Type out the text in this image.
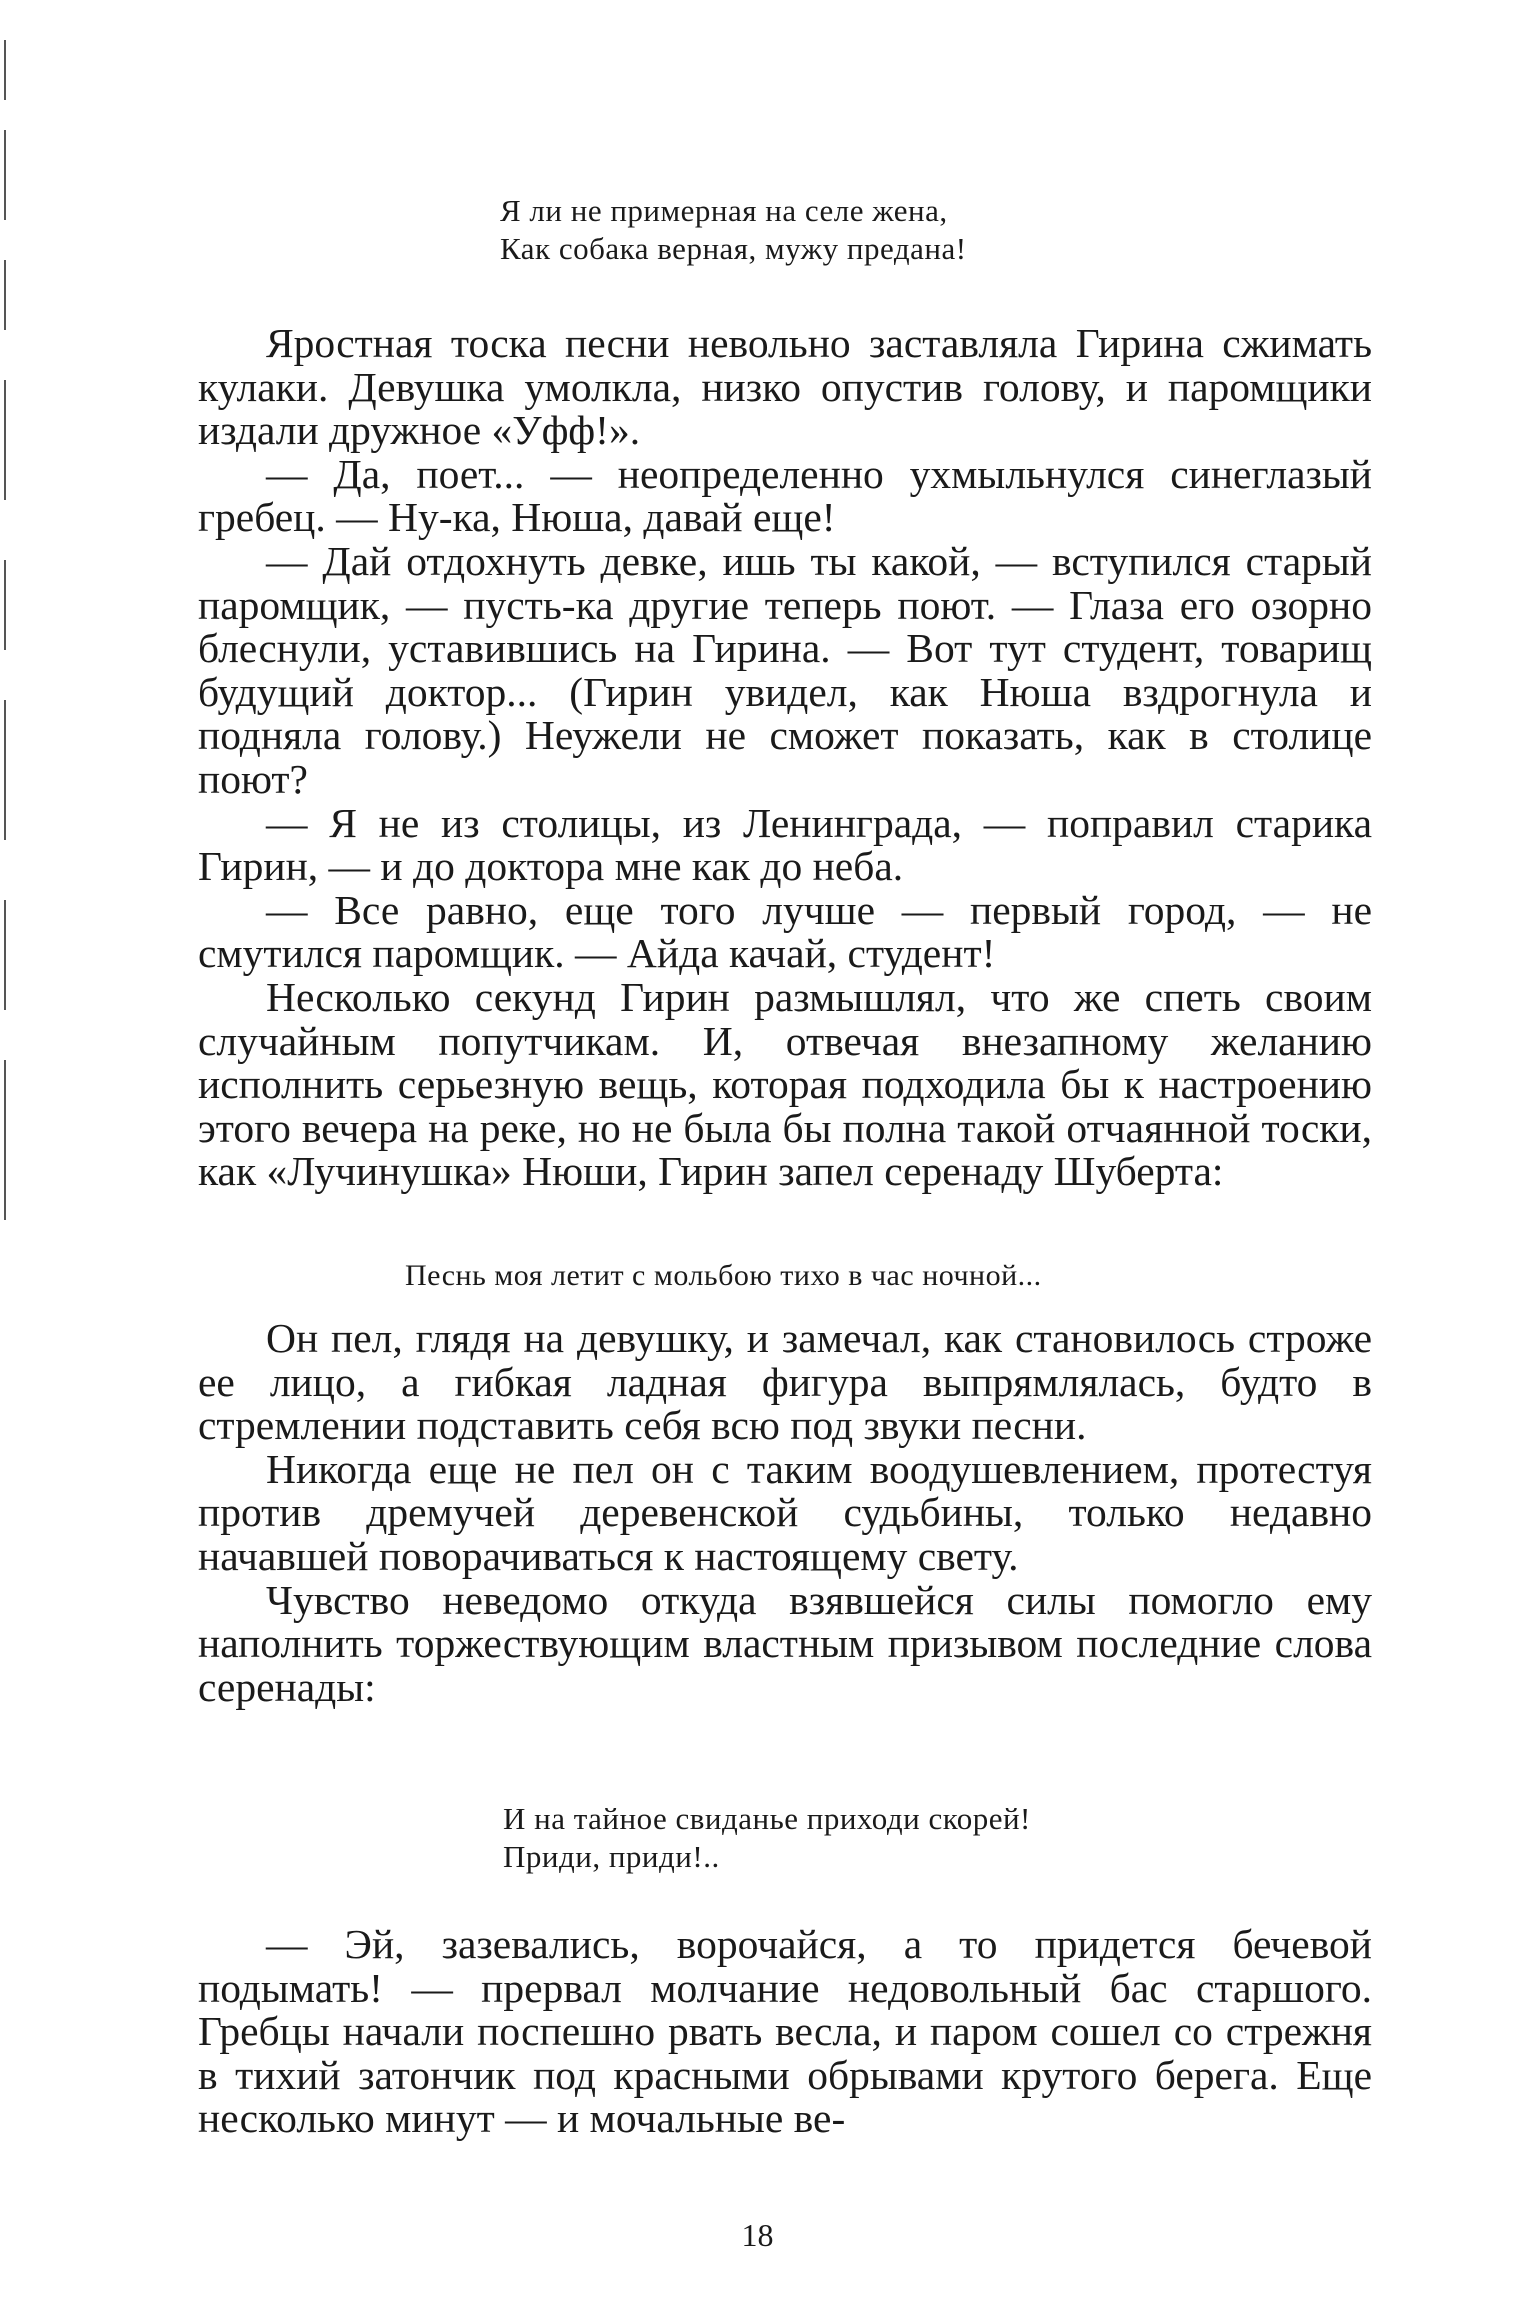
Я ли не примерная на селе жена,
Как собака верная, мужу предана!

Яростная тоска песни невольно заставляла Гирина сжимать кулаки. Девушка умолкла, низко опустив голову, и паромщики издали дружное «Уфф!».

— Да, поет... — неопределенно ухмыльнулся синеглазый гребец. — Ну-ка, Нюша, давай еще!

— Дай отдохнуть девке, ишь ты какой, — вступился старый паромщик, — пусть-ка другие теперь поют. — Глаза его озорно блеснули, уставившись на Гирина. — Вот тут студент, товарищ будущий доктор... (Гирин увидел, как Нюша вздрогнула и подняла голову.) Неужели не сможет показать, как в столице поют?

— Я не из столицы, из Ленинграда, — поправил старика Гирин, — и до доктора мне как до неба.

— Все равно, еще того лучше — первый город, — не смутился паромщик. — Айда качай, студент!

Несколько секунд Гирин размышлял, что же спеть своим случайным попутчикам. И, отвечая внезапному желанию исполнить серьезную вещь, которая подходила бы к настроению этого вечера на реке, но не была бы полна такой отчаянной тоски, как «Лучинушка» Нюши, Гирин запел серенаду Шуберта:

Песнь моя летит с мольбою тихо в час ночной...

Он пел, глядя на девушку, и замечал, как становилось строже ее лицо, а гибкая ладная фигура выпрямлялась, будто в стремлении подставить себя всю под звуки песни.

Никогда еще не пел он с таким воодушевлением, протестуя против дремучей деревенской судьбины, только недавно начавшей поворачиваться к настоящему свету.

Чувство неведомо откуда взявшейся силы помогло ему наполнить торжествующим властным призывом последние слова серенады:

И на тайное свиданье приходи скорей!
Приди, приди!..

— Эй, зазевались, ворочайся, а то придется бечевой подымать! — прервал молчание недовольный бас старшого. Гребцы начали поспешно рвать весла, и паром сошел со стрежня в тихий затончик под красными обрывами крутого берега. Еще несколько минут — и мочальные ве-

18
